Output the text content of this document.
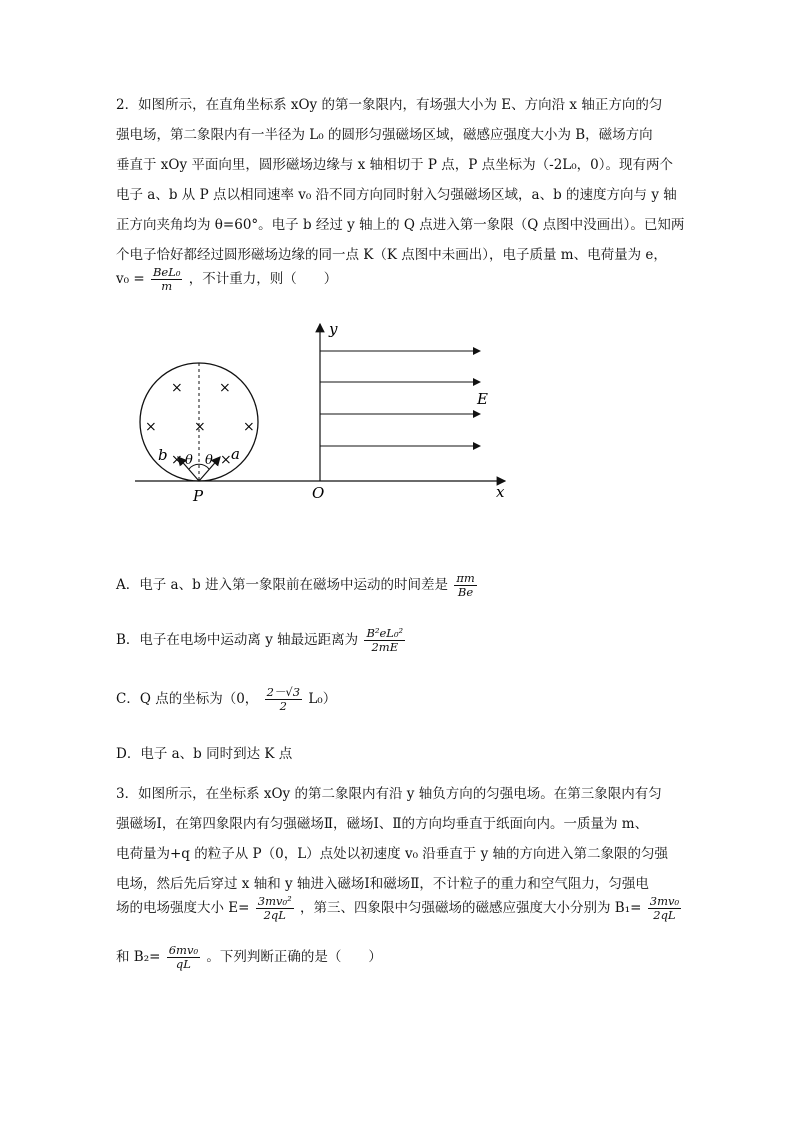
2．如图所示，在直角坐标系 xOy 的第一象限内，有场强大小为 E、方向沿 x 轴正方向的匀
强电场，第二象限内有一半径为 L₀ 的圆形匀强磁场区域，磁感应强度大小为 B，磁场方向
垂直于 xOy 平面向里，圆形磁场边缘与 x 轴相切于 P 点，P 点坐标为（-2L₀，0）。现有两个
电子 a、b 从 P 点以相同速率 v₀ 沿不同方向同时射入匀强磁场区域，a、b 的速度方向与 y 轴
正方向夹角均为 θ=60°。电子 b 经过 y 轴上的 Q 点进入第一象限（Q 点图中没画出）。已知两
个电子恰好都经过圆形磁场边缘的同一点 K（K 点图中未画出），电子质量 m、电荷量为 e，
$v_0 = \frac{\text{BeL₀}}{m}$ ，不计重力，则（　　）
y
x
O
P
E
×	×
×	×	×
×	×
θ θ
b	a
A．电子 a、b 进入第一象限前在磁场中运动的时间差是 $\frac{\pi m}{Be}$
B．电子在电场中运动离 y 轴最远距离为 $\frac{\text{B²eL₀²}}{2mE}$
C．Q 点的坐标为（0， $\frac{2-√3}{2} L_0$）
D．电子 a、b 同时到达 K 点
3．如图所示，在坐标系 xOy 的第二象限内有沿 y 轴负方向的匀强电场。在第三象限内有匀
强磁场Ⅰ，在第四象限内有匀强磁场Ⅱ，磁场Ⅰ、Ⅱ的方向均垂直于纸面向内。一质量为 m、
电荷量为+q 的粒子从 P（0，L）点处以初速度 v₀ 沿垂直于 y 轴的方向进入第二象限的匀强
电场，然后先后穿过 x 轴和 y 轴进入磁场Ⅰ和磁场Ⅱ，不计粒子的重力和空气阻力，匀强电
场的电场强度大小 $E= \frac{\text{3mv₀²}}{2qL}$ ，第三、四象限中匀强磁场的磁感应强度大小分别为 $B_1= \frac{\text{3mv₀}}{2qL}$
和 $B_2= \frac{\text{6mv₀}}{qL}$ 。下列判断正确的是（　　）
